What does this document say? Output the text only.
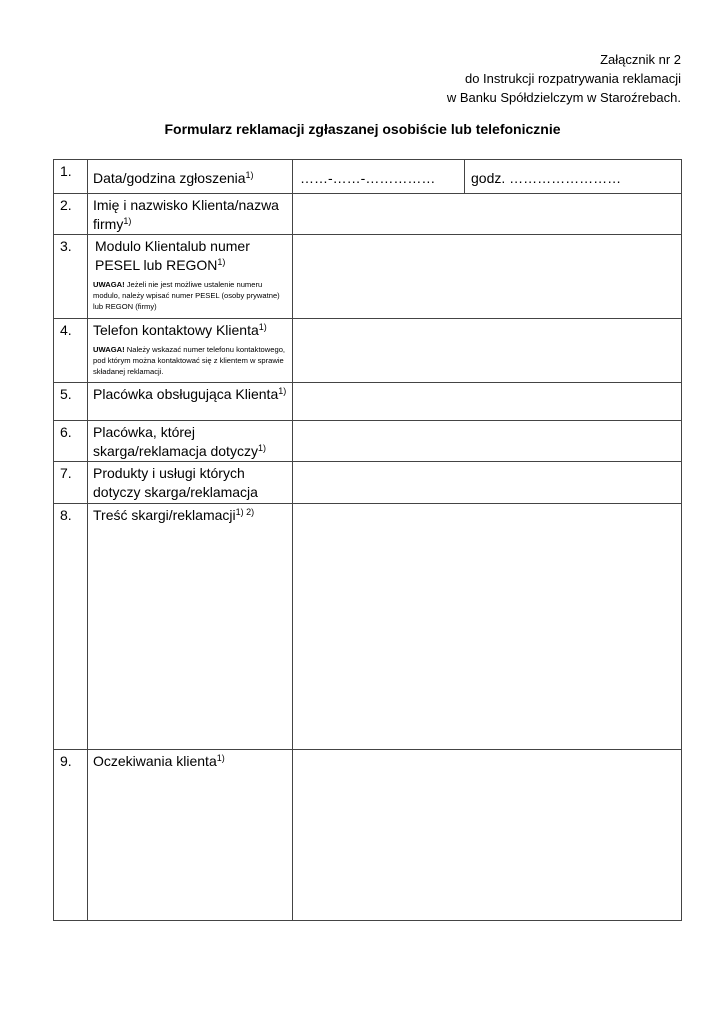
Załącznik nr 2
do Instrukcji rozpatrywania reklamacji
w Banku Spółdzielczym w Staroźrebach.
Formularz reklamacji zgłaszanej osobiście lub telefonicznie
1.	Data/godzina zgłoszenia$^{1)}$	……-……-……………	godz. ……………………

2.	Imię i nazwisko Klienta/nazwa firmy$^{1)}$	
3.	Modulo Klientalub numer PESEL lub REGON$^{1)}$
UWAGA! Jeżeli nie jest możliwe ustalenie numeru modulo, należy wpisać numer PESEL (osoby prywatne) lub REGON (firmy)		

4.	Telefon kontaktowy Klienta$^{1)}$
UWAGA! Należy wskazać numer telefonu kontaktowego, pod którym można kontaktować się z klientem w sprawie składanej reklamacji.		

5.	Placówka obsługująca Klienta$^{1)}$	
6.	Placówka, której skarga/reklamacja dotyczy$^{1)}$	
7.	Produkty i usługi których dotyczy skarga/reklamacja		
8.	Treść skargi/reklamacji$^{1) 2)}$	
9.	Oczekiwania klienta$^{1)}$	
